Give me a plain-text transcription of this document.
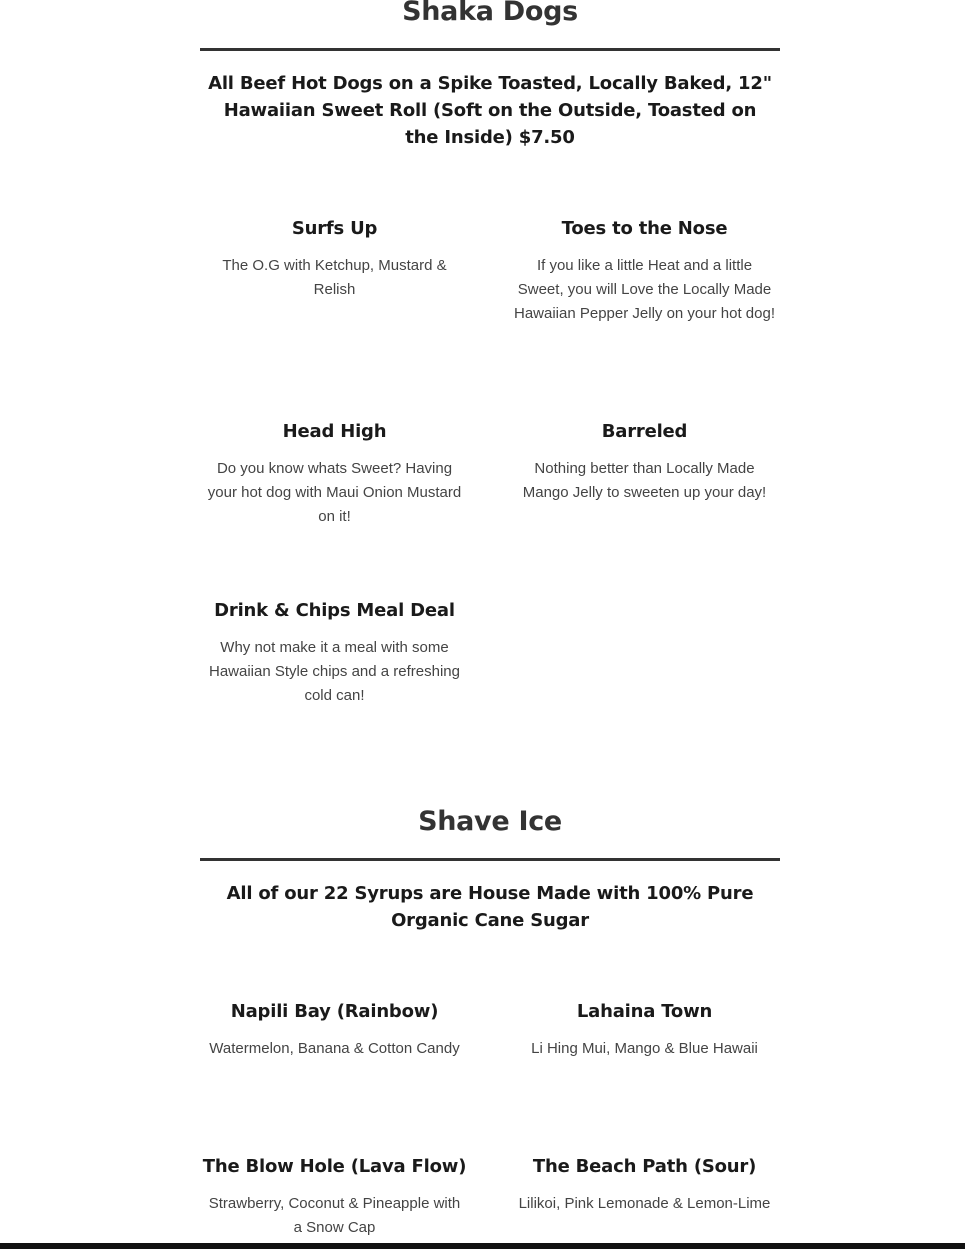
Shaka Dogs

All Beef Hot Dogs on a Spike Toasted, Locally Baked, 12" Hawaiian Sweet Roll (Soft on the Outside, Toasted on the Inside) $7.50

Surfs Up

The O.G with Ketchup, Mustard & Relish

Toes to the Nose

If you like a little Heat and a little Sweet, you will Love the Locally Made Hawaiian Pepper Jelly on your hot dog!

Head High

Do you know whats Sweet? Having your hot dog with Maui Onion Mustard on it!

Barreled

Nothing better than Locally Made Mango Jelly to sweeten up your day!

Drink & Chips Meal Deal

Why not make it a meal with some Hawaiian Style chips and a refreshing cold can!

Shave Ice

All of our 22 Syrups are House Made with 100% Pure Organic Cane Sugar

Napili Bay (Rainbow)

Watermelon, Banana & Cotton Candy

Lahaina Town

Li Hing Mui, Mango & Blue Hawaii

The Blow Hole (Lava Flow)

Strawberry, Coconut & Pineapple with a Snow Cap

The Beach Path (Sour)

Lilikoi, Pink Lemonade & Lemon-Lime
